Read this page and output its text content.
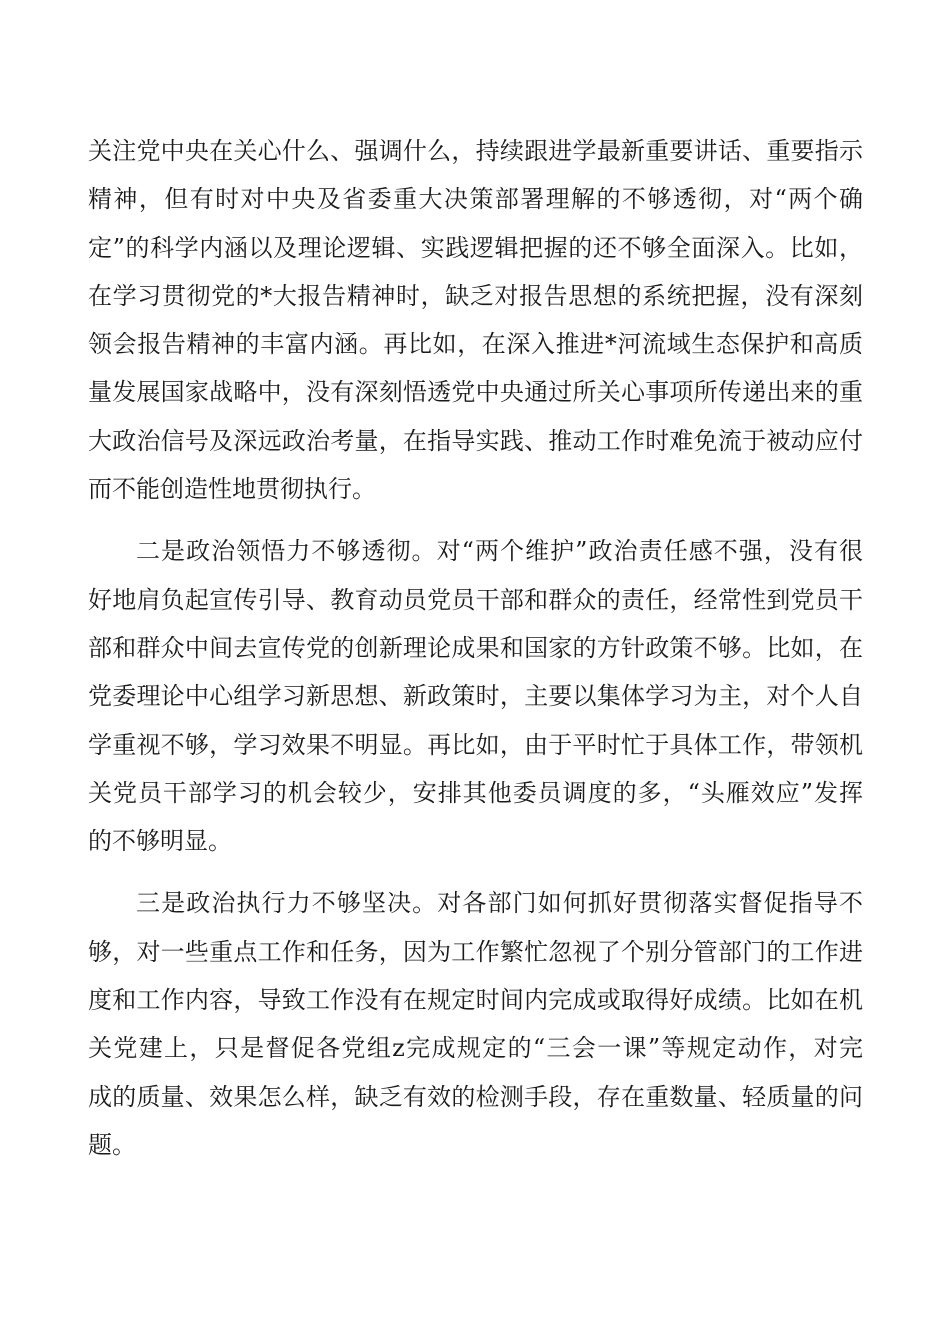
关注党中央在关心什么、强调什么，持续跟进学最新重要讲话、重要指示
精神，但有时对中央及省委重大决策部署理解的不够透彻，对“两个确
定”的科学内涵以及理论逻辑、实践逻辑把握的还不够全面深入。比如，
在学习贯彻党的*大报告精神时，缺乏对报告思想的系统把握，没有深刻
领会报告精神的丰富内涵。再比如，在深入推进*河流域生态保护和高质
量发展国家战略中，没有深刻悟透党中央通过所关心事项所传递出来的重
大政治信号及深远政治考量，在指导实践、推动工作时难免流于被动应付
而不能创造性地贯彻执行。
二是政治领悟力不够透彻。对“两个维护”政治责任感不强，没有很
好地肩负起宣传引导、教育动员党员干部和群众的责任，经常性到党员干
部和群众中间去宣传党的创新理论成果和国家的方针政策不够。比如，在
党委理论中心组学习新思想、新政策时，主要以集体学习为主，对个人自
学重视不够，学习效果不明显。再比如，由于平时忙于具体工作，带领机
关党员干部学习的机会较少，安排其他委员调度的多，“头雁效应”发挥
的不够明显。
三是政治执行力不够坚决。对各部门如何抓好贯彻落实督促指导不
够，对一些重点工作和任务，因为工作繁忙忽视了个别分管部门的工作进
度和工作内容，导致工作没有在规定时间内完成或取得好成绩。比如在机
关党建上，只是督促各党组z完成规定的“三会一课”等规定动作，对完
成的质量、效果怎么样，缺乏有效的检测手段，存在重数量、轻质量的问
题。
